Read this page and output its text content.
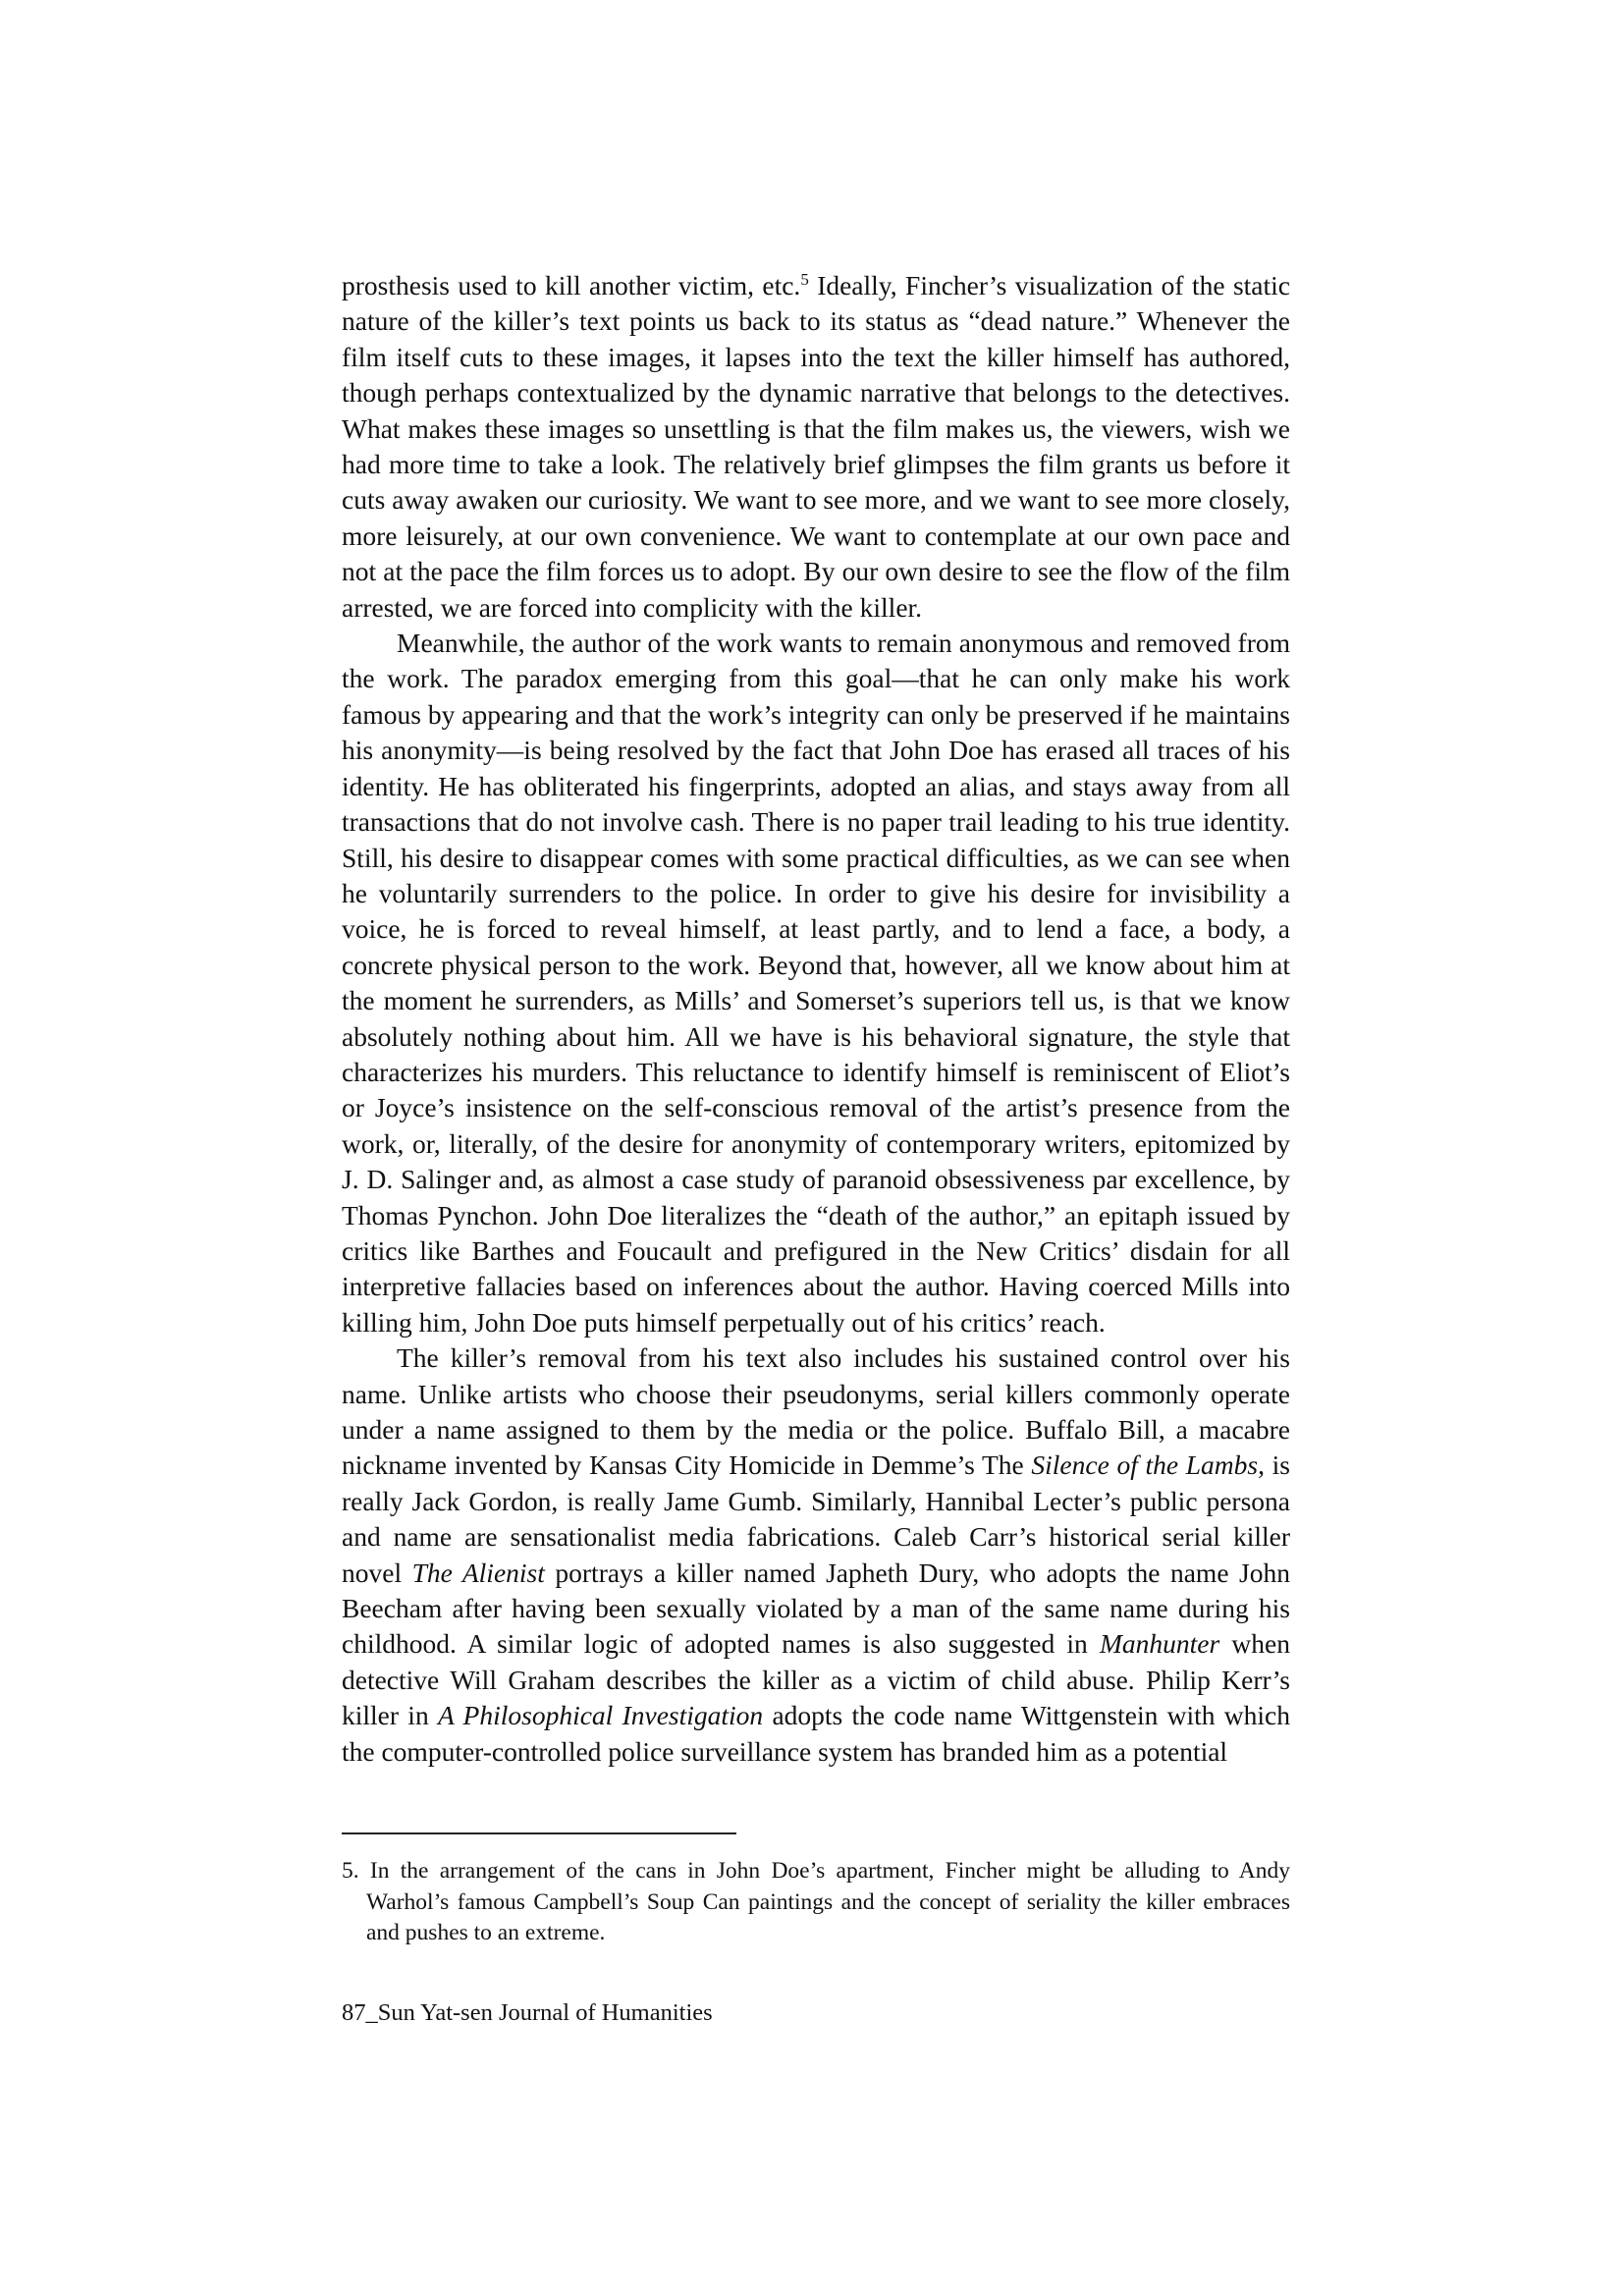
prosthesis used to kill another victim, etc.$^5$ Ideally, Fincher’s visualization of the static nature of the killer’s text points us back to its status as “dead nature.” Whenever the film itself cuts to these images, it lapses into the text the killer himself has authored, though perhaps contextualized by the dynamic narrative that belongs to the detectives. What makes these images so unsettling is that the film makes us, the viewers, wish we had more time to take a look. The relatively brief glimpses the film grants us before it cuts away awaken our curiosity. We want to see more, and we want to see more closely, more leisurely, at our own convenience. We want to contemplate at our own pace and not at the pace the film forces us to adopt. By our own desire to see the flow of the film arrested, we are forced into complicity with the killer.

Meanwhile, the author of the work wants to remain anonymous and removed from the work. The paradox emerging from this goal—that he can only make his work famous by appearing and that the work’s integrity can only be preserved if he maintains his anonymity—is being resolved by the fact that John Doe has erased all traces of his identity. He has obliterated his fingerprints, adopted an alias, and stays away from all transactions that do not involve cash. There is no paper trail leading to his true identity. Still, his desire to disappear comes with some practical difficulties, as we can see when he voluntarily surrenders to the police. In order to give his desire for invisibility a voice, he is forced to reveal himself, at least partly, and to lend a face, a body, a concrete physical person to the work. Beyond that, however, all we know about him at the moment he surrenders, as Mills’ and Somerset’s superiors tell us, is that we know absolutely nothing about him. All we have is his behavioral signature, the style that characterizes his murders. This reluctance to identify himself is reminiscent of Eliot’s or Joyce’s insistence on the self-conscious removal of the artist’s presence from the work, or, literally, of the desire for anonymity of contemporary writers, epitomized by J. D. Salinger and, as almost a case study of paranoid obsessiveness par excellence, by Thomas Pynchon. John Doe literalizes the “death of the author,” an epitaph issued by critics like Barthes and Foucault and prefigured in the New Critics’ disdain for all interpretive fallacies based on inferences about the author. Having coerced Mills into killing him, John Doe puts himself perpetually out of his critics’ reach.

The killer’s removal from his text also includes his sustained control over his name. Unlike artists who choose their pseudonyms, serial killers commonly operate under a name assigned to them by the media or the police. Buffalo Bill, a macabre nickname invented by Kansas City Homicide in Demme’s The Silence of the Lambs, is really Jack Gordon, is really Jame Gumb. Similarly, Hannibal Lecter’s public persona and name are sensationalist media fabrications. Caleb Carr’s historical serial killer novel The Alienist portrays a killer named Japheth Dury, who adopts the name John Beecham after having been sexually violated by a man of the same name during his childhood. A similar logic of adopted names is also suggested in Manhunter when detective Will Graham describes the killer as a victim of child abuse. Philip Kerr’s killer in A Philosophical Investigation adopts the code name Wittgenstein with which the computer-controlled police surveillance system has branded him as a potential

5. In the arrangement of the cans in John Doe’s apartment, Fincher might be alluding to Andy Warhol’s famous Campbell’s Soup Can paintings and the concept of seriality the killer embraces and pushes to an extreme.
87_Sun Yat-sen Journal of Humanities
